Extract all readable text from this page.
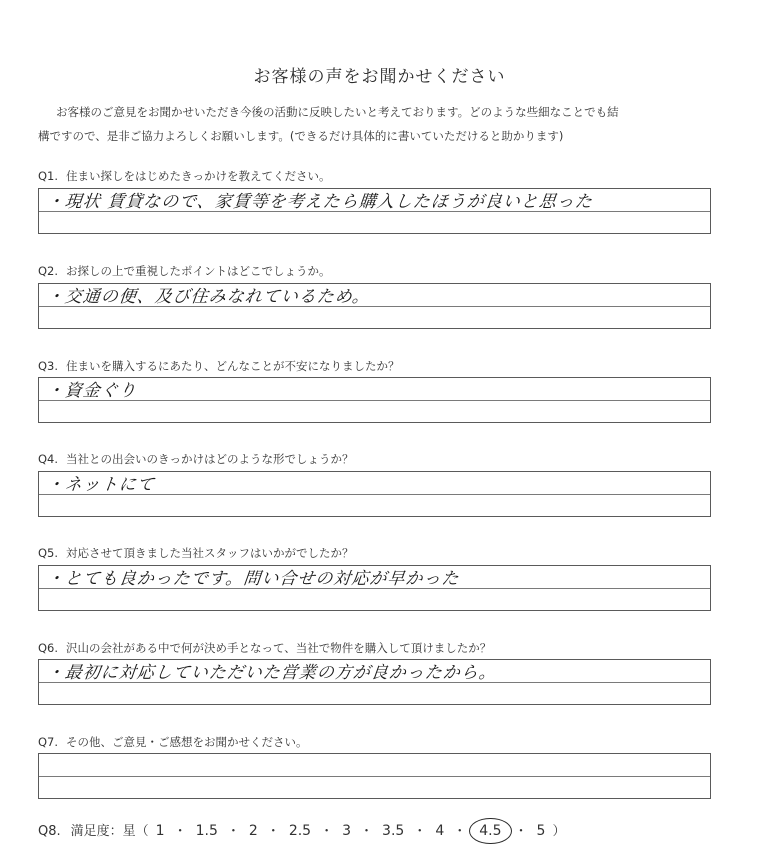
お客様の声をお聞かせください

お客様のご意見をお聞かせいただき今後の活動に反映したいと考えております。どのような些細なことでも結

構ですので、是非ご協力よろしくお願いします。(できるだけ具体的に書いていただけると助かります)

Q1. 住まい探しをはじめたきっかけを教えてください。
・現状 賃貸なので、家賃等を考えたら購入したほうが良いと思った
Q2. お探しの上で重視したポイントはどこでしょうか。
・交通の便、及び住みなれているため。
Q3. 住まいを購入するにあたり、どんなことが不安になりましたか？
・資金ぐり
Q4. 当社との出会いのきっかけはどのような形でしょうか？
・ネットにて
Q5. 対応させて頂きました当社スタッフはいかがでしたか？
・とても良かったです。問い合せの対応が早かった
Q6. 沢山の会社がある中で何が決め手となって、当社で物件を購入して頂けましたか？
・最初に対応していただいた営業の方が良かったから。
Q7. その他、ご意見・ご感想をお聞かせください。
Q8. 満足度：星（ 1 ・ 1.5 ・ 2 ・ 2.5 ・ 3 ・ 3.5 ・ 4 ・ 4.5 ・ 5 ）
